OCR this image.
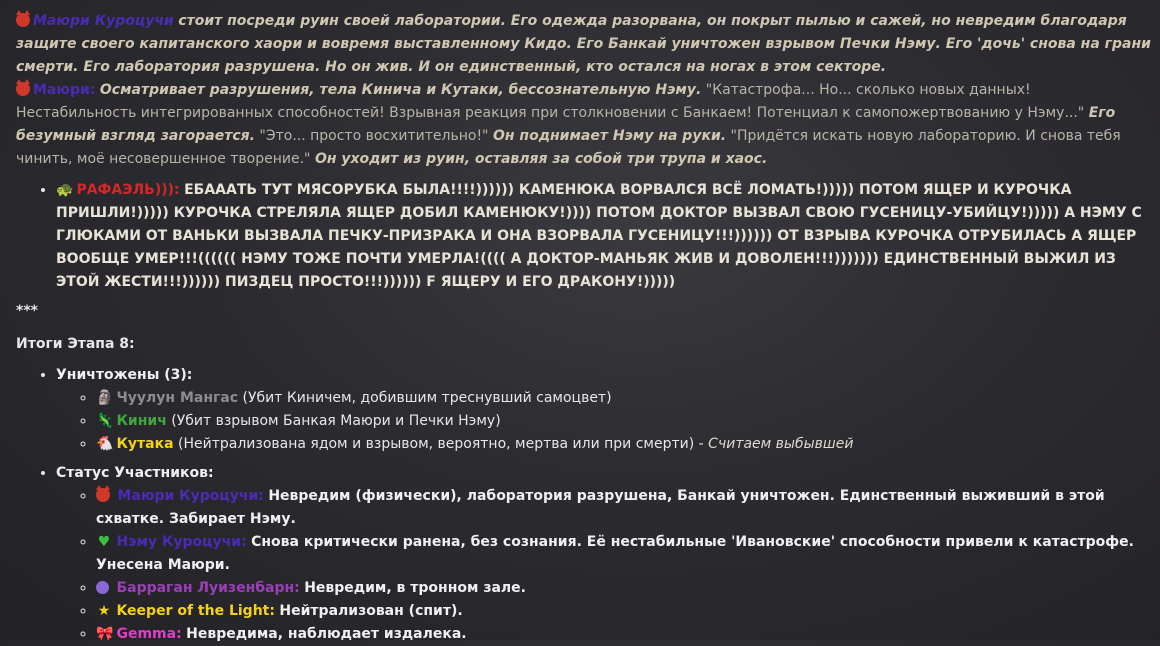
Маюри Куроцучи стоит посреди руин своей лаборатории. Его одежда разорвана, он покрыт пылью и сажей, но невредим благодаря защите своего капитанского хаори и вовремя выставленному Кидо. Его Банкай уничтожен взрывом Печки Нэму. Его 'дочь' снова на грани смерти. Его лаборатория разрушена. Но он жив. И он единственный, кто остался на ногах в этом секторе.

Маюри: Осматривает разрушения, тела Кинича и Кутаки, бессознательную Нэму. "Катастрофа... Но... сколько новых данных! Нестабильность интегрированных способностей! Взрывная реакция при столкновении с Банкаем! Потенциал к самопожертвованию у Нэму..." Его безумный взгляд загорается. "Это... просто восхитительно!" Он поднимает Нэму на руки. "Придётся искать новую лабораторию. И снова тебя чинить, моё несовершенное творение." Он уходит из руин, оставляя за собой три трупа и хаос.

• 🐢 РАФАЭЛЬ))): ЕБАААТЬ ТУТ МЯСОРУБКА БЫЛА!!!!)))))) КАМЕНЮКА ВОРВАЛСЯ ВСЁ ЛОМАТЬ!))))) ПОТОМ ЯЩЕР И КУРОЧКА ПРИШЛИ!))))) КУРОЧКА СТРЕЛЯЛА ЯЩЕР ДОБИЛ КАМЕНЮКУ!)))) ПОТОМ ДОКТОР ВЫЗВАЛ СВОЮ ГУСЕНИЦУ-УБИЙЦУ!))))) А НЭМУ С ГЛЮКАМИ ОТ ВАНЬКИ ВЫЗВАЛА ПЕЧКУ-ПРИЗРАКА И ОНА ВЗОРВАЛА ГУСЕНИЦУ!!!)))))) ОТ ВЗРЫВА КУРОЧКА ОТРУБИЛАСЬ А ЯЩЕР ВООБЩЕ УМЕР!!!(((((( НЭМУ ТОЖЕ ПОЧТИ УМЕРЛА!(((( А ДОКТОР-МАНЬЯК ЖИВ И ДОВОЛЕН!!!))))))) ЕДИНСТВЕННЫЙ ВЫЖИЛ ИЗ ЭТОЙ ЖЕСТИ!!!)))))) ПИЗДЕЦ ПРОСТО!!!)))))) F ЯЩЕРУ И ЕГО ДРАКОНУ!)))))
***
Итоги Этапа 8:
• Уничтожены (3):
◦ 🗿 Чуулун Мангас (Убит Киничем, добившим треснувший самоцвет)
◦ 🦎 Кинич (Убит взрывом Банкая Маюри и Печки Нэму)
◦ 🐔 Кутака (Нейтрализована ядом и взрывом, вероятно, мертва или при смерти) - Считаем выбывшей
• Статус Участников:
◦ Маюри Куроцучи: Невредим (физически), лаборатория разрушена, Банкай уничтожен. Единственный выживший в этой схватке. Забирает Нэму.
◦ ♥ Нэму Куроцучи: Снова критически ранена, без сознания. Её нестабильные 'Ивановские' способности привели к катастрофе. Унесена Маюри.
◦ Барраган Луизенбарн: Невредим, в тронном зале.
◦ ★ Keeper of the Light: Нейтрализован (спит).
◦ 🎀 Gemma: Невредима, наблюдает издалека.
